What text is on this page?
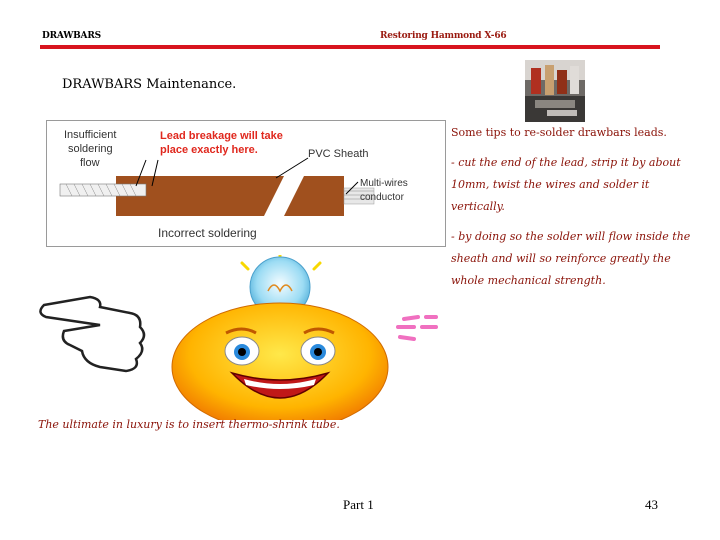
DRAWBARS	Restoring Hammond X-66
DRAWBARS Maintenance.
Insufficient
soldering
flow
Lead breakage will take
place exactly here.	PVC Sheath
Multi-wires
conductor
Incorrect soldering

Some tips to re-solder drawbars leads.

- cut the end of the lead, strip it by about 10mm, twist the wires and solder it vertically.

- by doing so the solder will flow inside the sheath and will so reinforce greatly the whole mechanical strength.

The ultimate in luxury is to insert thermo-shrink tube.
Part 1	43
